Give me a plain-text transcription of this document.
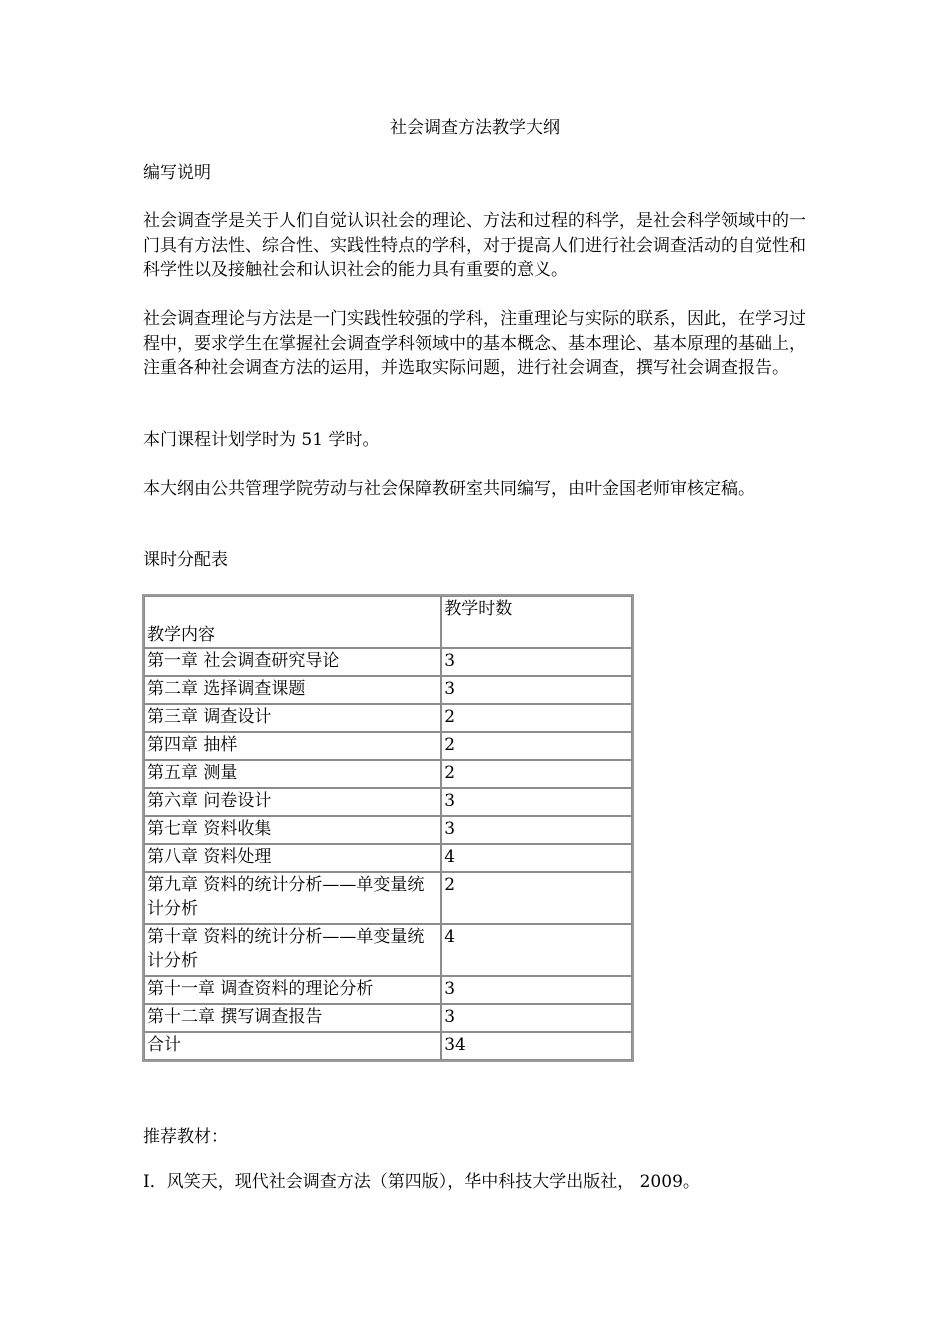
社会调查方法教学大纲

编写说明

社会调查学是关于人们自觉认识社会的理论、方法和过程的科学，是社会科学领域中的一门具有方法性、综合性、实践性特点的学科，对于提高人们进行社会调查活动的自觉性和科学性以及接触社会和认识社会的能力具有重要的意义。

社会调查理论与方法是一门实践性较强的学科，注重理论与实际的联系，因此，在学习过程中，要求学生在掌握社会调查学科领域中的基本概念、基本理论、基本原理的基础上，注重各种社会调查方法的运用，并选取实际问题，进行社会调查，撰写社会调查报告。

本门课程计划学时为 51 学时。

本大纲由公共管理学院劳动与社会保障教研室共同编写，由叶金国老师审核定稿。

课时分配表

教学内容	教学时数
第一章 社会调查研究导论	3
第二章 选择调查课题	3
第三章 调查设计	2
第四章 抽样	2
第五章 测量	2
第六章 问卷设计	3
第七章 资料收集	3
第八章 资料处理	4
第九章 资料的统计分析——单变量统计分析	2
第十章 资料的统计分析——单变量统计分析	4
第十一章 调查资料的理论分析	3
第十二章 撰写调查报告	3
合计	34

推荐教材：

Ⅰ．风笑天，现代社会调查方法（第四版），华中科技大学出版社， 2009。
